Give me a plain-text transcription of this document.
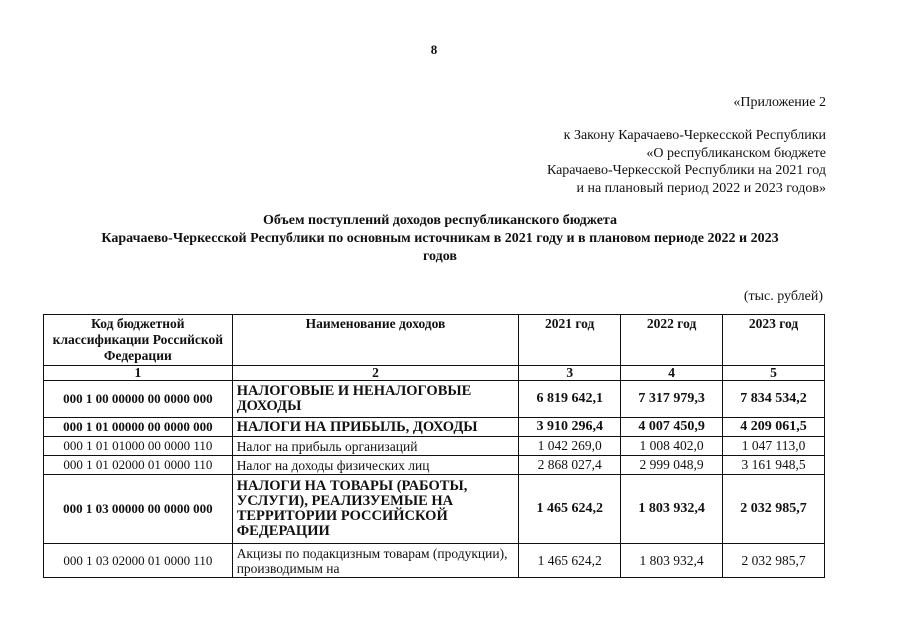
8
«Приложение 2
к Закону Карачаево-Черкесской Республики
«О республиканском бюджете
Карачаево-Черкесской Республики на 2021 год
и на плановый период 2022 и 2023 годов»
Объем поступлений доходов республиканского бюджета
Карачаево-Черкесской Республики по основным источникам в 2021 году и в плановом периоде 2022 и 2023
годов
(тыс. рублей)
Код бюджетной классификации Российской Федерации	Наименование доходов	2021 год	2022 год	2023 год
1	2	3	4	5
000 1 00 00000 00 0000 000	НАЛОГОВЫЕ И НЕНАЛОГОВЫЕ ДОХОДЫ	6 819 642,1	7 317 979,3	7 834 534,2
000 1 01 00000 00 0000 000	НАЛОГИ НА ПРИБЫЛЬ, ДОХОДЫ	3 910 296,4	4 007 450,9	4 209 061,5
000 1 01 01000 00 0000 110	Налог на прибыль организаций	1 042 269,0	1 008 402,0	1 047 113,0
000 1 01 02000 01 0000 110	Налог на доходы физических лиц	2 868 027,4	2 999 048,9	3 161 948,5
000 1 03 00000 00 0000 000	НАЛОГИ НА ТОВАРЫ (РАБОТЫ, УСЛУГИ), РЕАЛИЗУЕМЫЕ НА ТЕРРИТОРИИ РОССИЙСКОЙ ФЕДЕРАЦИИ	1 465 624,2	1 803 932,4	2 032 985,7
000 1 03 02000 01 0000 110	Акцизы по подакцизным товарам (продукции), производимым на	1 465 624,2	1 803 932,4	2 032 985,7
